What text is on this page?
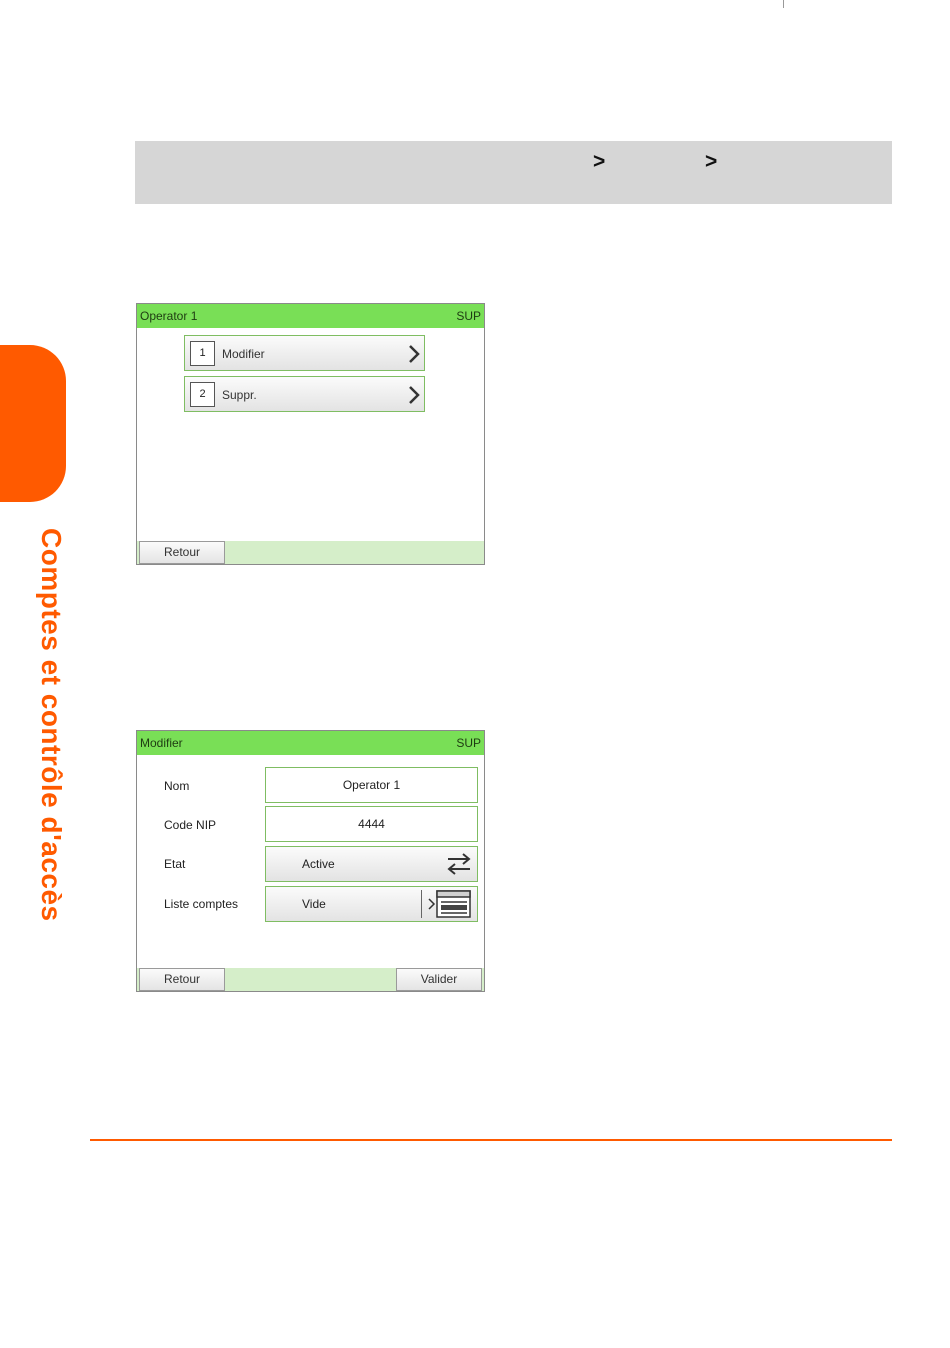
>	>
Comptes et contrôle d'accès
Operator 1	SUP
1	Modifier
2	Suppr.
Retour
Modifier	SUP
Nom	Operator 1
Code NIP	4444
Etat	Active
Liste comptes	Vide
Retour	Valider
